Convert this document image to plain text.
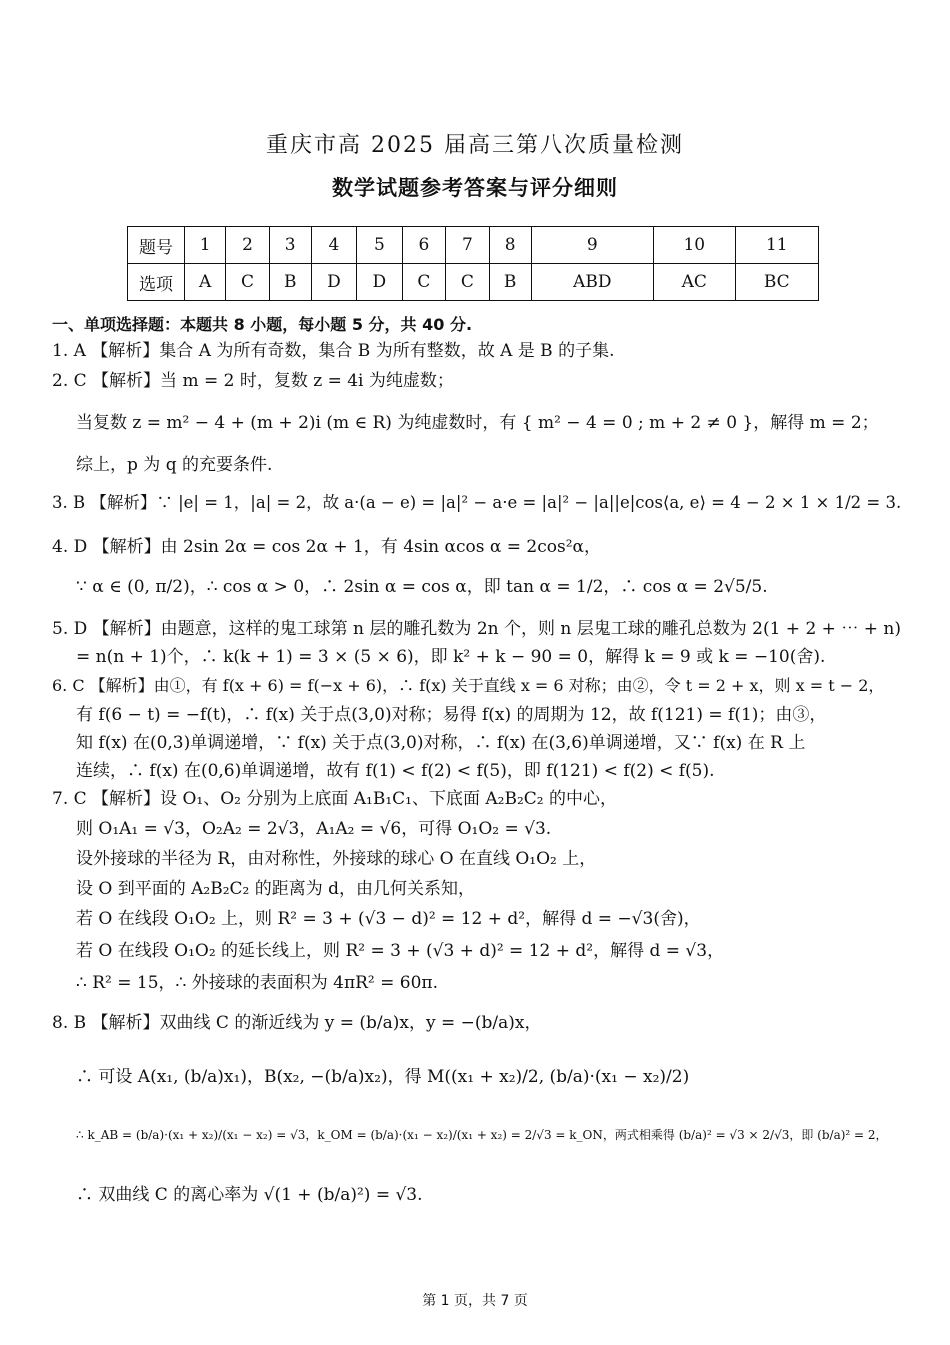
重庆市高 2025 届高三第八次质量检测
数学试题参考答案与评分细则
题号	1	2	3	4	5	6	7	8	9	10	11
选项	A	C	B	D	D	C	C	B	ABD	AC	BC
一、单项选择题：本题共 8 小题，每小题 5 分，共 40 分.
1. A 【解析】集合 A 为所有奇数，集合 B 为所有整数，故 A 是 B 的子集.
2. C 【解析】当 m = 2 时，复数 z = 4i 为纯虚数；
当复数 z = m² − 4 + (m + 2)i (m ∈ R) 为纯虚数时，有 { m² − 4 = 0 ; m + 2 ≠ 0 }，解得 m = 2；
综上，p 为 q 的充要条件.
3. B 【解析】∵ |e| = 1，|a| = 2，故 a·(a − e) = |a|² − a·e = |a|² − |a||e|cos⟨a, e⟩ = 4 − 2 × 1 × 1/2 = 3.
4. D 【解析】由 2sin 2α = cos 2α + 1，有 4sin αcos α = 2cos²α，
∵ α ∈ (0, π/2)，∴ cos α > 0，∴ 2sin α = cos α，即 tan α = 1/2，∴ cos α = 2√5/5.
5. D 【解析】由题意，这样的鬼工球第 n 层的雕孔数为 2n 个，则 n 层鬼工球的雕孔总数为 2(1 + 2 + ⋯ + n)
= n(n + 1)个，∴ k(k + 1) = 3 × (5 × 6)，即 k² + k − 90 = 0，解得 k = 9 或 k = −10(舍).
6. C 【解析】由①，有 f(x + 6) = f(−x + 6)，∴ f(x) 关于直线 x = 6 对称；由②，令 t = 2 + x，则 x = t − 2，
有 f(6 − t) = −f(t)，∴ f(x) 关于点(3,0)对称；易得 f(x) 的周期为 12，故 f(121) = f(1)；由③，
知 f(x) 在(0,3)单调递增，∵ f(x) 关于点(3,0)对称，∴ f(x) 在(3,6)单调递增，又∵ f(x) 在 R 上
连续，∴ f(x) 在(0,6)单调递增，故有 f(1) < f(2) < f(5)，即 f(121) < f(2) < f(5).
7. C 【解析】设 O₁、O₂ 分别为上底面 A₁B₁C₁、下底面 A₂B₂C₂ 的中心，
则 O₁A₁ = √3，O₂A₂ = 2√3，A₁A₂ = √6，可得 O₁O₂ = √3.
设外接球的半径为 R，由对称性，外接球的球心 O 在直线 O₁O₂ 上，
设 O 到平面的 A₂B₂C₂ 的距离为 d，由几何关系知，
若 O 在线段 O₁O₂ 上，则 R² = 3 + (√3 − d)² = 12 + d²，解得 d = −√3(舍)，
若 O 在线段 O₁O₂ 的延长线上，则 R² = 3 + (√3 + d)² = 12 + d²，解得 d = √3，
∴ R² = 15，∴ 外接球的表面积为 4πR² = 60π.
8. B 【解析】双曲线 C 的渐近线为 y = (b/a)x，y = −(b/a)x，
∴ 可设 A(x₁, (b/a)x₁)，B(x₂, −(b/a)x₂)，得 M((x₁ + x₂)/2, (b/a)·(x₁ − x₂)/2)
∴ k_AB = (b/a)·(x₁ + x₂)/(x₁ − x₂) = √3，k_OM = (b/a)·(x₁ − x₂)/(x₁ + x₂) = 2/√3 = k_ON，两式相乘得 (b/a)² = √3 × 2/√3，即 (b/a)² = 2，
∴ 双曲线 C 的离心率为 √(1 + (b/a)²) = √3.
第 1 页，共 7 页
